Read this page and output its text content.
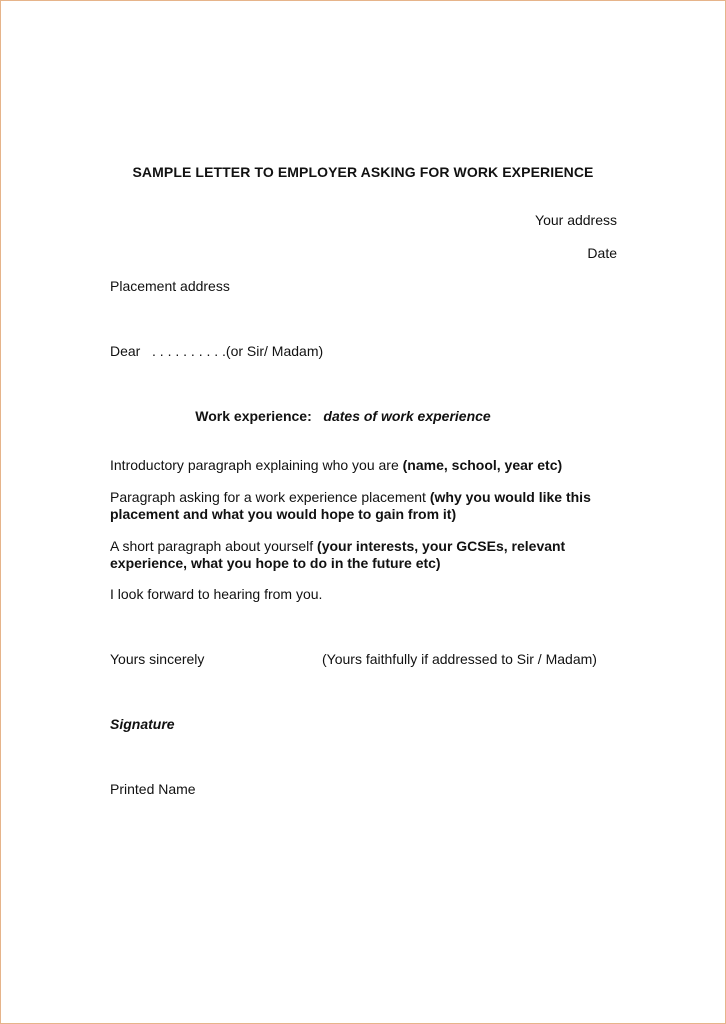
SAMPLE LETTER TO EMPLOYER ASKING FOR WORK EXPERIENCE
Your address
Date
Placement address
Dear   . . . . . . . . . .(or Sir/ Madam)
Work experience: dates of work experience
Introductory paragraph explaining who you are (name, school, year etc)
Paragraph asking for a work experience placement (why you would like this
placement and what you would hope to gain from it)
A short paragraph about yourself (your interests, your GCSEs, relevant
experience, what you hope to do in the future etc)
I look forward to hearing from you.
Yours sincerely	(Yours faithfully if addressed to Sir / Madam)
Signature
Printed Name
